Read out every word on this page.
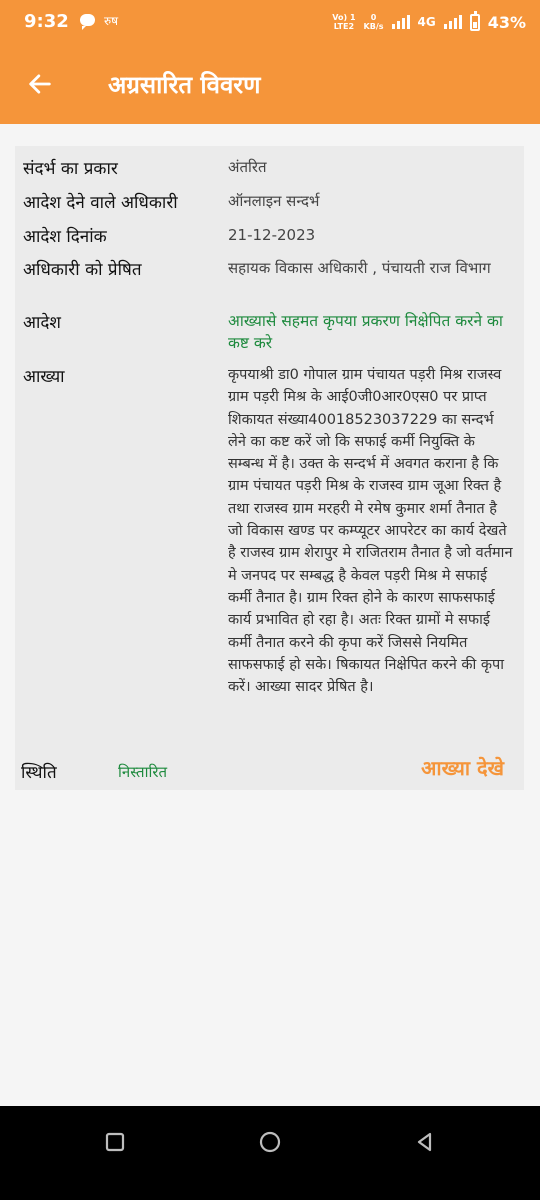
9:32	रुष	Vo) 1
LTE2
0
KB/s	4G	43%
अग्रसारित विवरण
संदर्भ का प्रकार	अंतरित
आदेश देने वाले अधिकारी	ऑनलाइन सन्दर्भ
आदेश दिनांक	21-12-2023
अधिकारी को प्रेषित	सहायक विकास अधिकारी , पंचायती राज विभाग
आदेश	आख्यासे सहमत कृपया प्रकरण निक्षेपित करने का कष्ट करे
आख्या	कृपयाश्री डा0 गोपाल ग्राम पंचायत पड़री मिश्र राजस्व ग्राम पड़री मिश्र के आई0जी0आर0एस0 पर प्राप्त शिकायत संख्या40018523037229 का सन्दर्भ लेने का कष्ट करें जो कि सफाई कर्मी नियुक्ति के सम्बन्ध में है। उक्त के सन्दर्भ में अवगत कराना है कि ग्राम पंचायत पड़री मिश्र के राजस्व ग्राम जूआ रिक्त है तथा राजस्व ग्राम मरहरी मे रमेष कुमार शर्मा तैनात है जो विकास खण्ड पर कम्प्यूटर आपरेटर का कार्य देखते है राजस्व ग्राम शेरापुर मे राजितराम तैनात है जो वर्तमान मे जनपद पर सम्बद्ध है केवल पड़री मिश्र मे सफाई कर्मी तैनात है। ग्राम रिक्त होने के कारण साफसफाई कार्य प्रभावित हो रहा है। अतः रिक्त ग्रामों मे सफाई कर्मी तैनात करने की कृपा करें जिससे नियमित साफसफाई हो सके। षिकायत निक्षेपित करने की कृपा करें। आख्या सादर प्रेषित है।
स्थिति	निस्तारित	आख्या देखे
